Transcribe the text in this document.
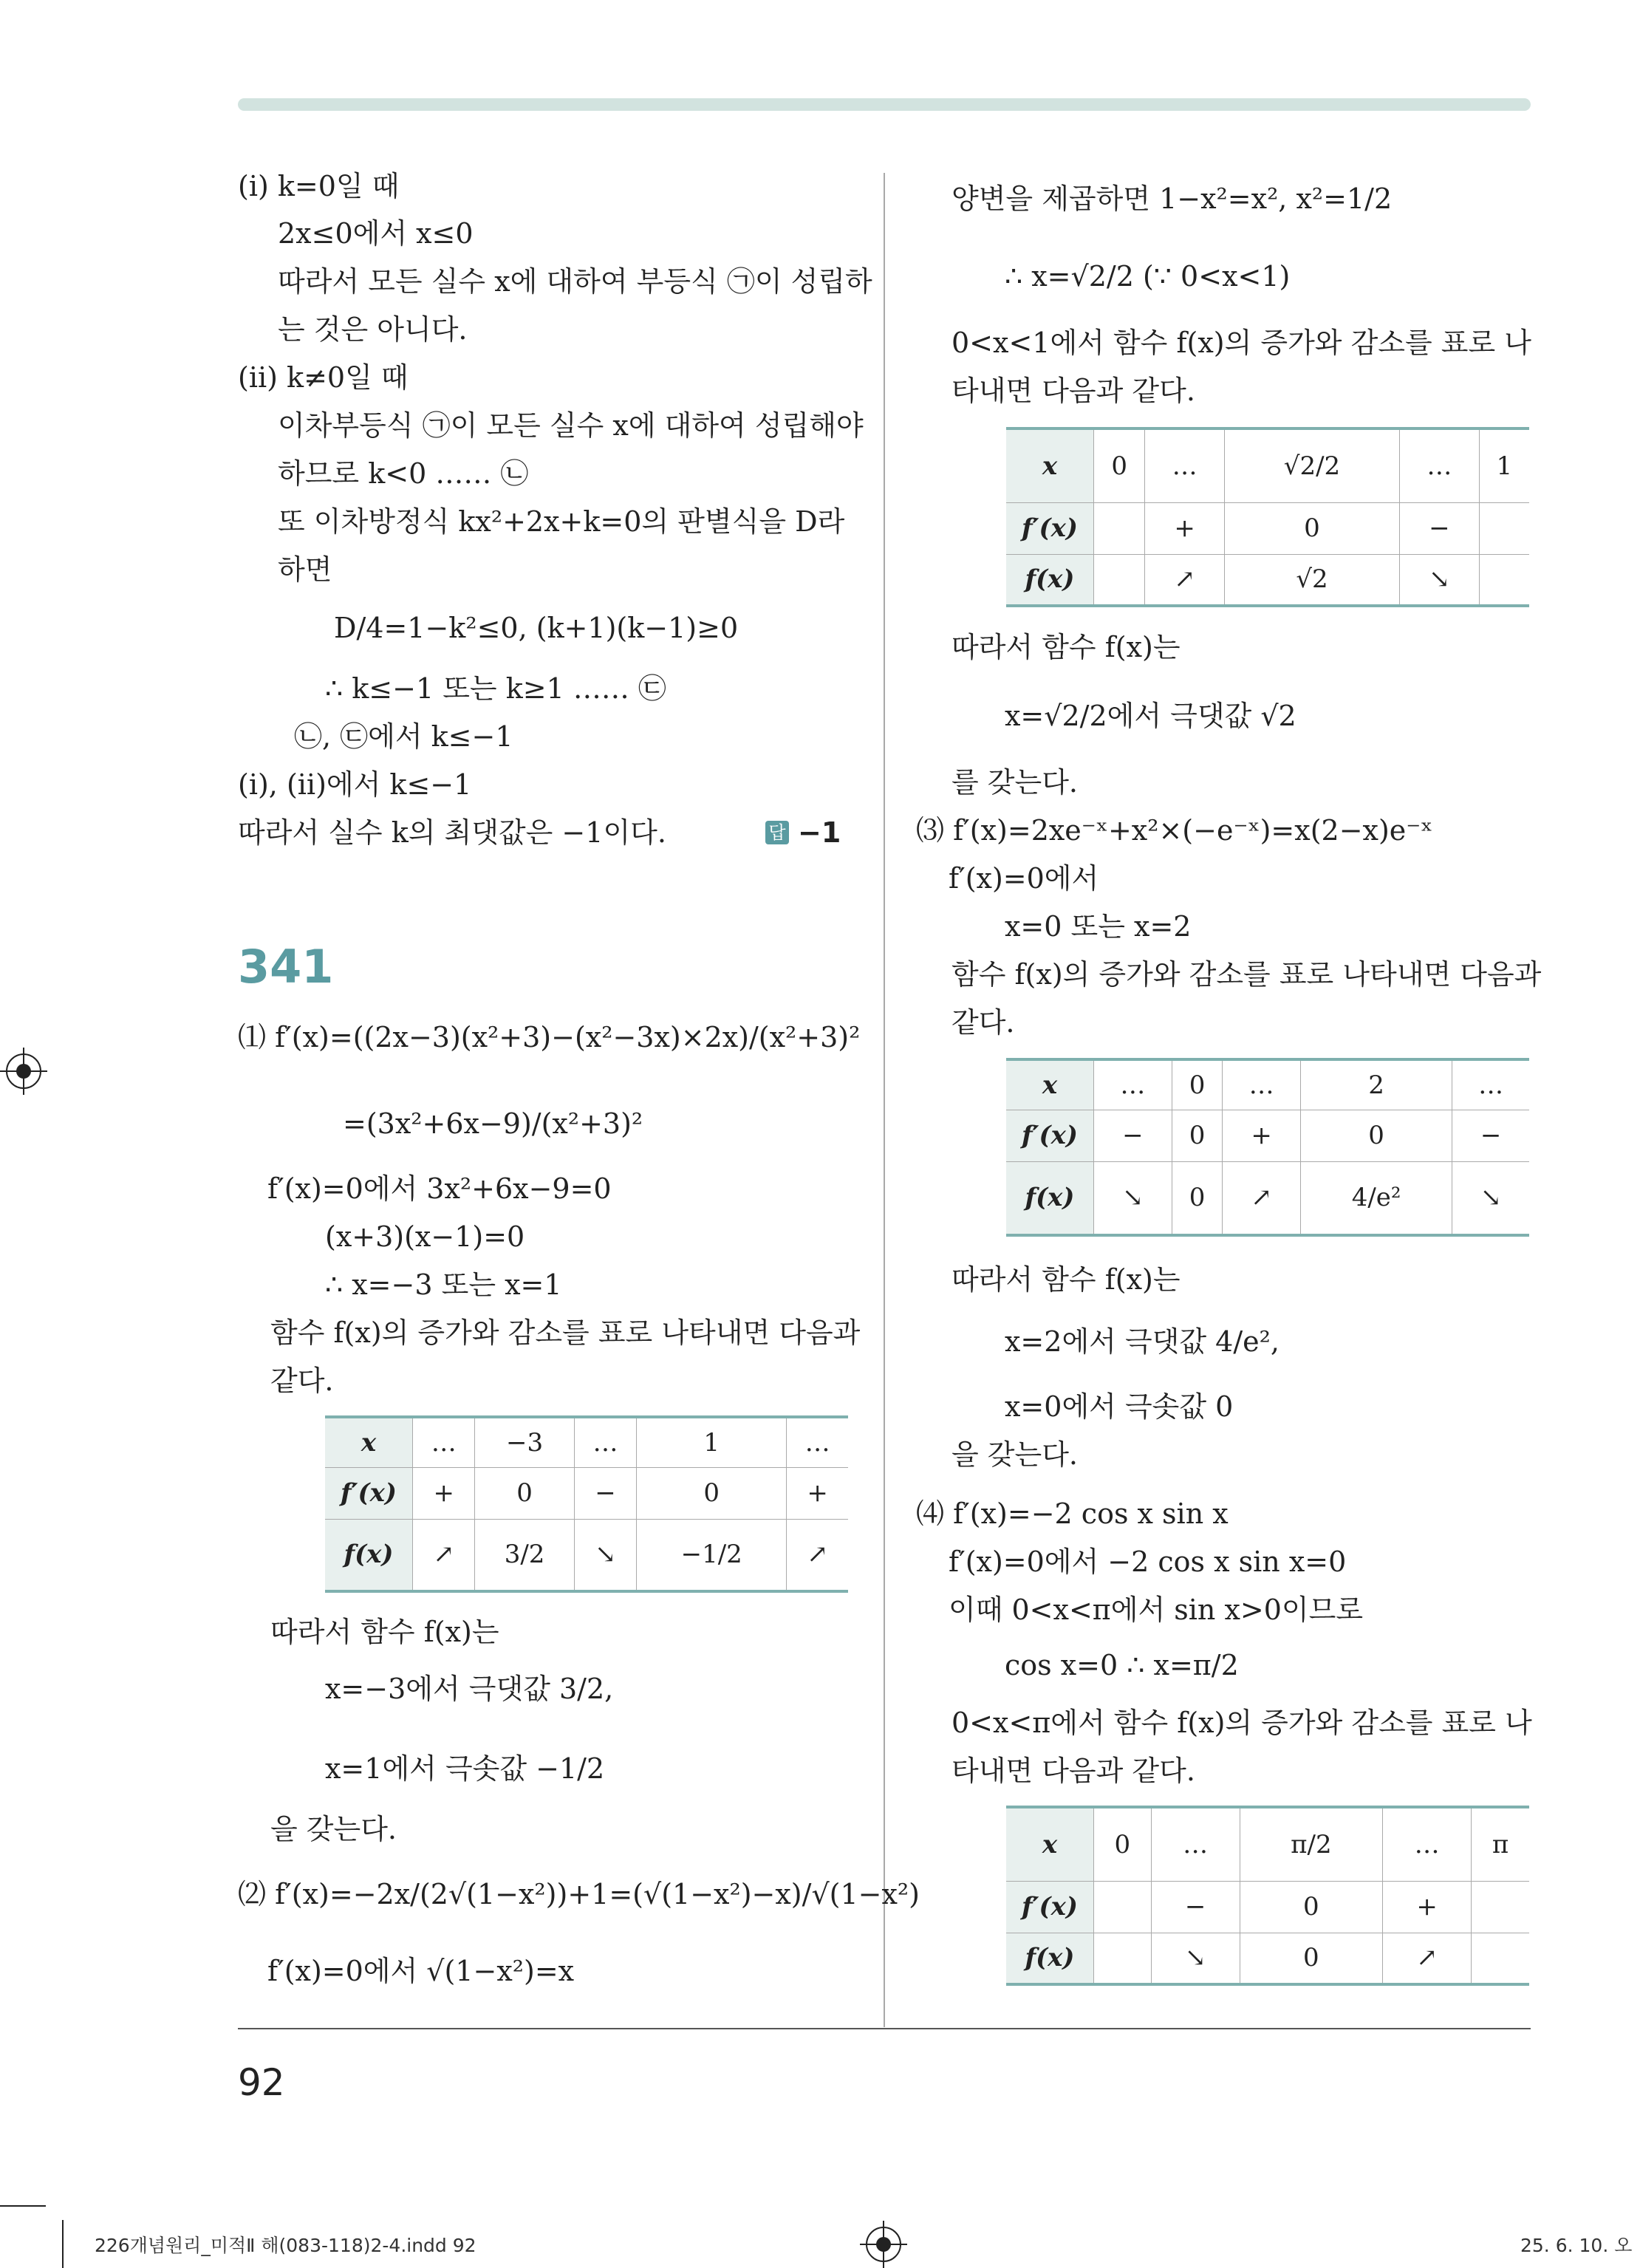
(ⅰ) k=0일 때
2x≤0에서 x≤0
따라서 모든 실수 x에 대하여 부등식 ㉠이 성립하
는 것은 아니다.
(ⅱ) k≠0일 때
이차부등식 ㉠이 모든 실수 x에 대하여 성립해야
하므로 k<0 …… ㉡
또 이차방정식 kx²+2x+k=0의 판별식을 D라
하면
D/4=1−k²≤0, (k+1)(k−1)≥0
∴ k≤−1 또는 k≥1 …… ㉢
㉡, ㉢에서 k≤−1
(ⅰ), (ⅱ)에서 k≤−1
따라서 실수 k의 최댓값은 −1이다.	답 −1
341
⑴ f′(x)=((2x−3)(x²+3)−(x²−3x)×2x)/(x²+3)²
=(3x²+6x−9)/(x²+3)²
f′(x)=0에서 3x²+6x−9=0
(x+3)(x−1)=0
∴ x=−3 또는 x=1
함수 f(x)의 증가와 감소를 표로 나타내면 다음과
같다.
x	…	−3	…	1	…
f′(x)	+	0	−	0	+
f(x)	↗	3/2	↘	−1/2	↗
따라서 함수 f(x)는
x=−3에서 극댓값 3/2,
x=1에서 극솟값 −1/2
을 갖는다.
⑵ f′(x)=−2x/(2√(1−x²))+1=(√(1−x²)−x)/√(1−x²)
f′(x)=0에서 √(1−x²)=x
양변을 제곱하면 1−x²=x², x²=1/2
∴ x=√2/2 (∵ 0<x<1)
0<x<1에서 함수 f(x)의 증가와 감소를 표로 나
타내면 다음과 같다.
x	0	…	√2/2	…	1
f′(x)		+	0	−	
f(x)		↗	√2	↘	
따라서 함수 f(x)는
x=√2/2에서 극댓값 √2
를 갖는다.
⑶ f′(x)=2xe⁻ˣ+x²×(−e⁻ˣ)=x(2−x)e⁻ˣ
f′(x)=0에서
x=0 또는 x=2
함수 f(x)의 증가와 감소를 표로 나타내면 다음과
같다.
x	…	0	…	2	…
f′(x)	−	0	+	0	−
f(x)	↘	0	↗	4/e²	↘
따라서 함수 f(x)는
x=2에서 극댓값 4/e²,
x=0에서 극솟값 0
을 갖는다.
⑷ f′(x)=−2 cos x sin x
f′(x)=0에서 −2 cos x sin x=0
이때 0<x<π에서 sin x>0이므로
cos x=0 ∴ x=π/2
0<x<π에서 함수 f(x)의 증가와 감소를 표로 나
타내면 다음과 같다.
x	0	…	π/2	…	π
f′(x)		−	0	+	
f(x)		↘	0	↗	
92
226개념원리_미적Ⅱ 해(083-118)2-4.indd 92	25. 6. 10. 오
